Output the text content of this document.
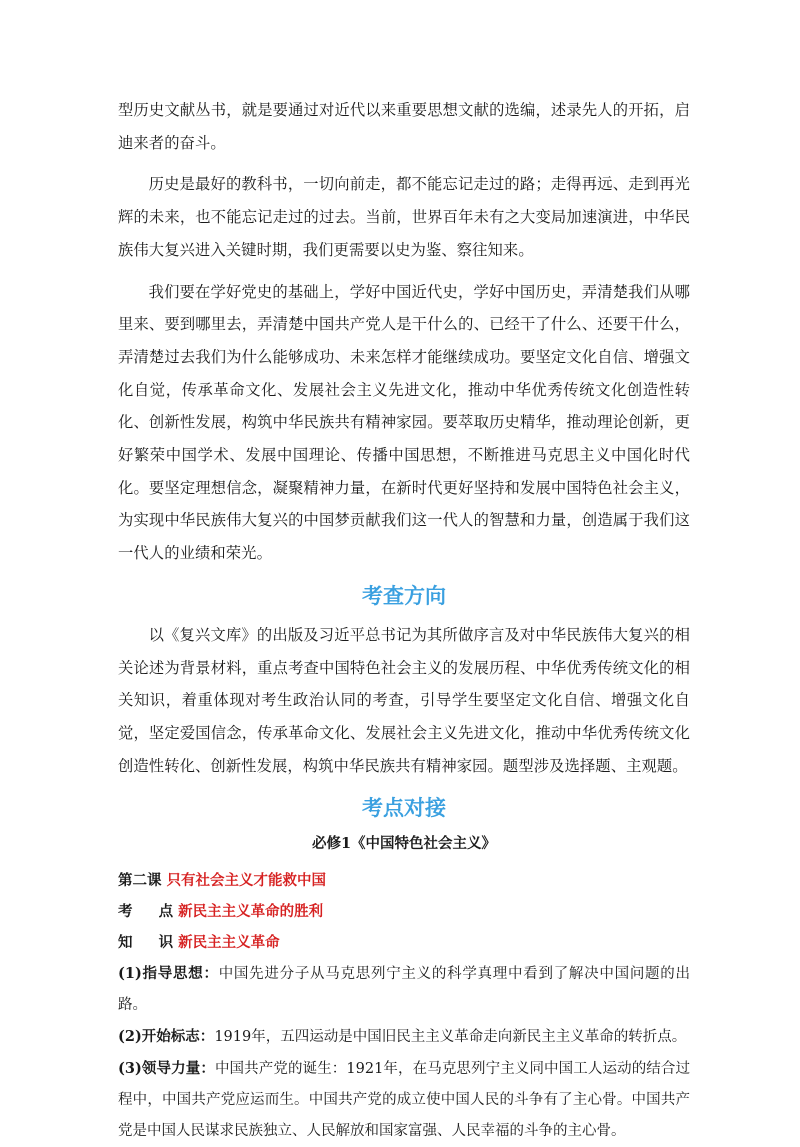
型历史文献丛书，就是要通过对近代以来重要思想文献的选编，述录先人的开拓，启迪来者的奋斗。

历史是最好的教科书，一切向前走，都不能忘记走过的路；走得再远、走到再光辉的未来，也不能忘记走过的过去。当前，世界百年未有之大变局加速演进，中华民族伟大复兴进入关键时期，我们更需要以史为鉴、察往知来。

我们要在学好党史的基础上，学好中国近代史，学好中国历史，弄清楚我们从哪里来、要到哪里去，弄清楚中国共产党人是干什么的、已经干了什么、还要干什么，弄清楚过去我们为什么能够成功、未来怎样才能继续成功。要坚定文化自信、增强文化自觉，传承革命文化、发展社会主义先进文化，推动中华优秀传统文化创造性转化、创新性发展，构筑中华民族共有精神家园。要萃取历史精华，推动理论创新，更好繁荣中国学术、发展中国理论、传播中国思想，不断推进马克思主义中国化时代化。要坚定理想信念，凝聚精神力量，在新时代更好坚持和发展中国特色社会主义，为实现中华民族伟大复兴的中国梦贡献我们这一代人的智慧和力量，创造属于我们这一代人的业绩和荣光。

考查方向

以《复兴文库》的出版及习近平总书记为其所做序言及对中华民族伟大复兴的相关论述为背景材料，重点考查中国特色社会主义的发展历程、中华优秀传统文化的相关知识，着重体现对考生政治认同的考查，引导学生要坚定文化自信、增强文化自觉，坚定爱国信念，传承革命文化、发展社会主义先进文化，推动中华优秀传统文化创造性转化、创新性发展，构筑中华民族共有精神家园。题型涉及选择题、主观题。

考点对接
必修1《中国特色社会主义》

第二课 只有社会主义才能救中国

考 点 新民主主义革命的胜利

知 识 新民主主义革命

(1)指导思想：中国先进分子从马克思列宁主义的科学真理中看到了解决中国问题的出路。

(2)开始标志：1919年，五四运动是中国旧民主主义革命走向新民主主义革命的转折点。

(3)领导力量：中国共产党的诞生：1921年，在马克思列宁主义同中国工人运动的结合过程中，中国共产党应运而生。中国共产党的成立使中国人民的斗争有了主心骨。中国共产党是中国人民谋求民族独立、人民解放和国家富强、人民幸福的斗争的主心骨。
